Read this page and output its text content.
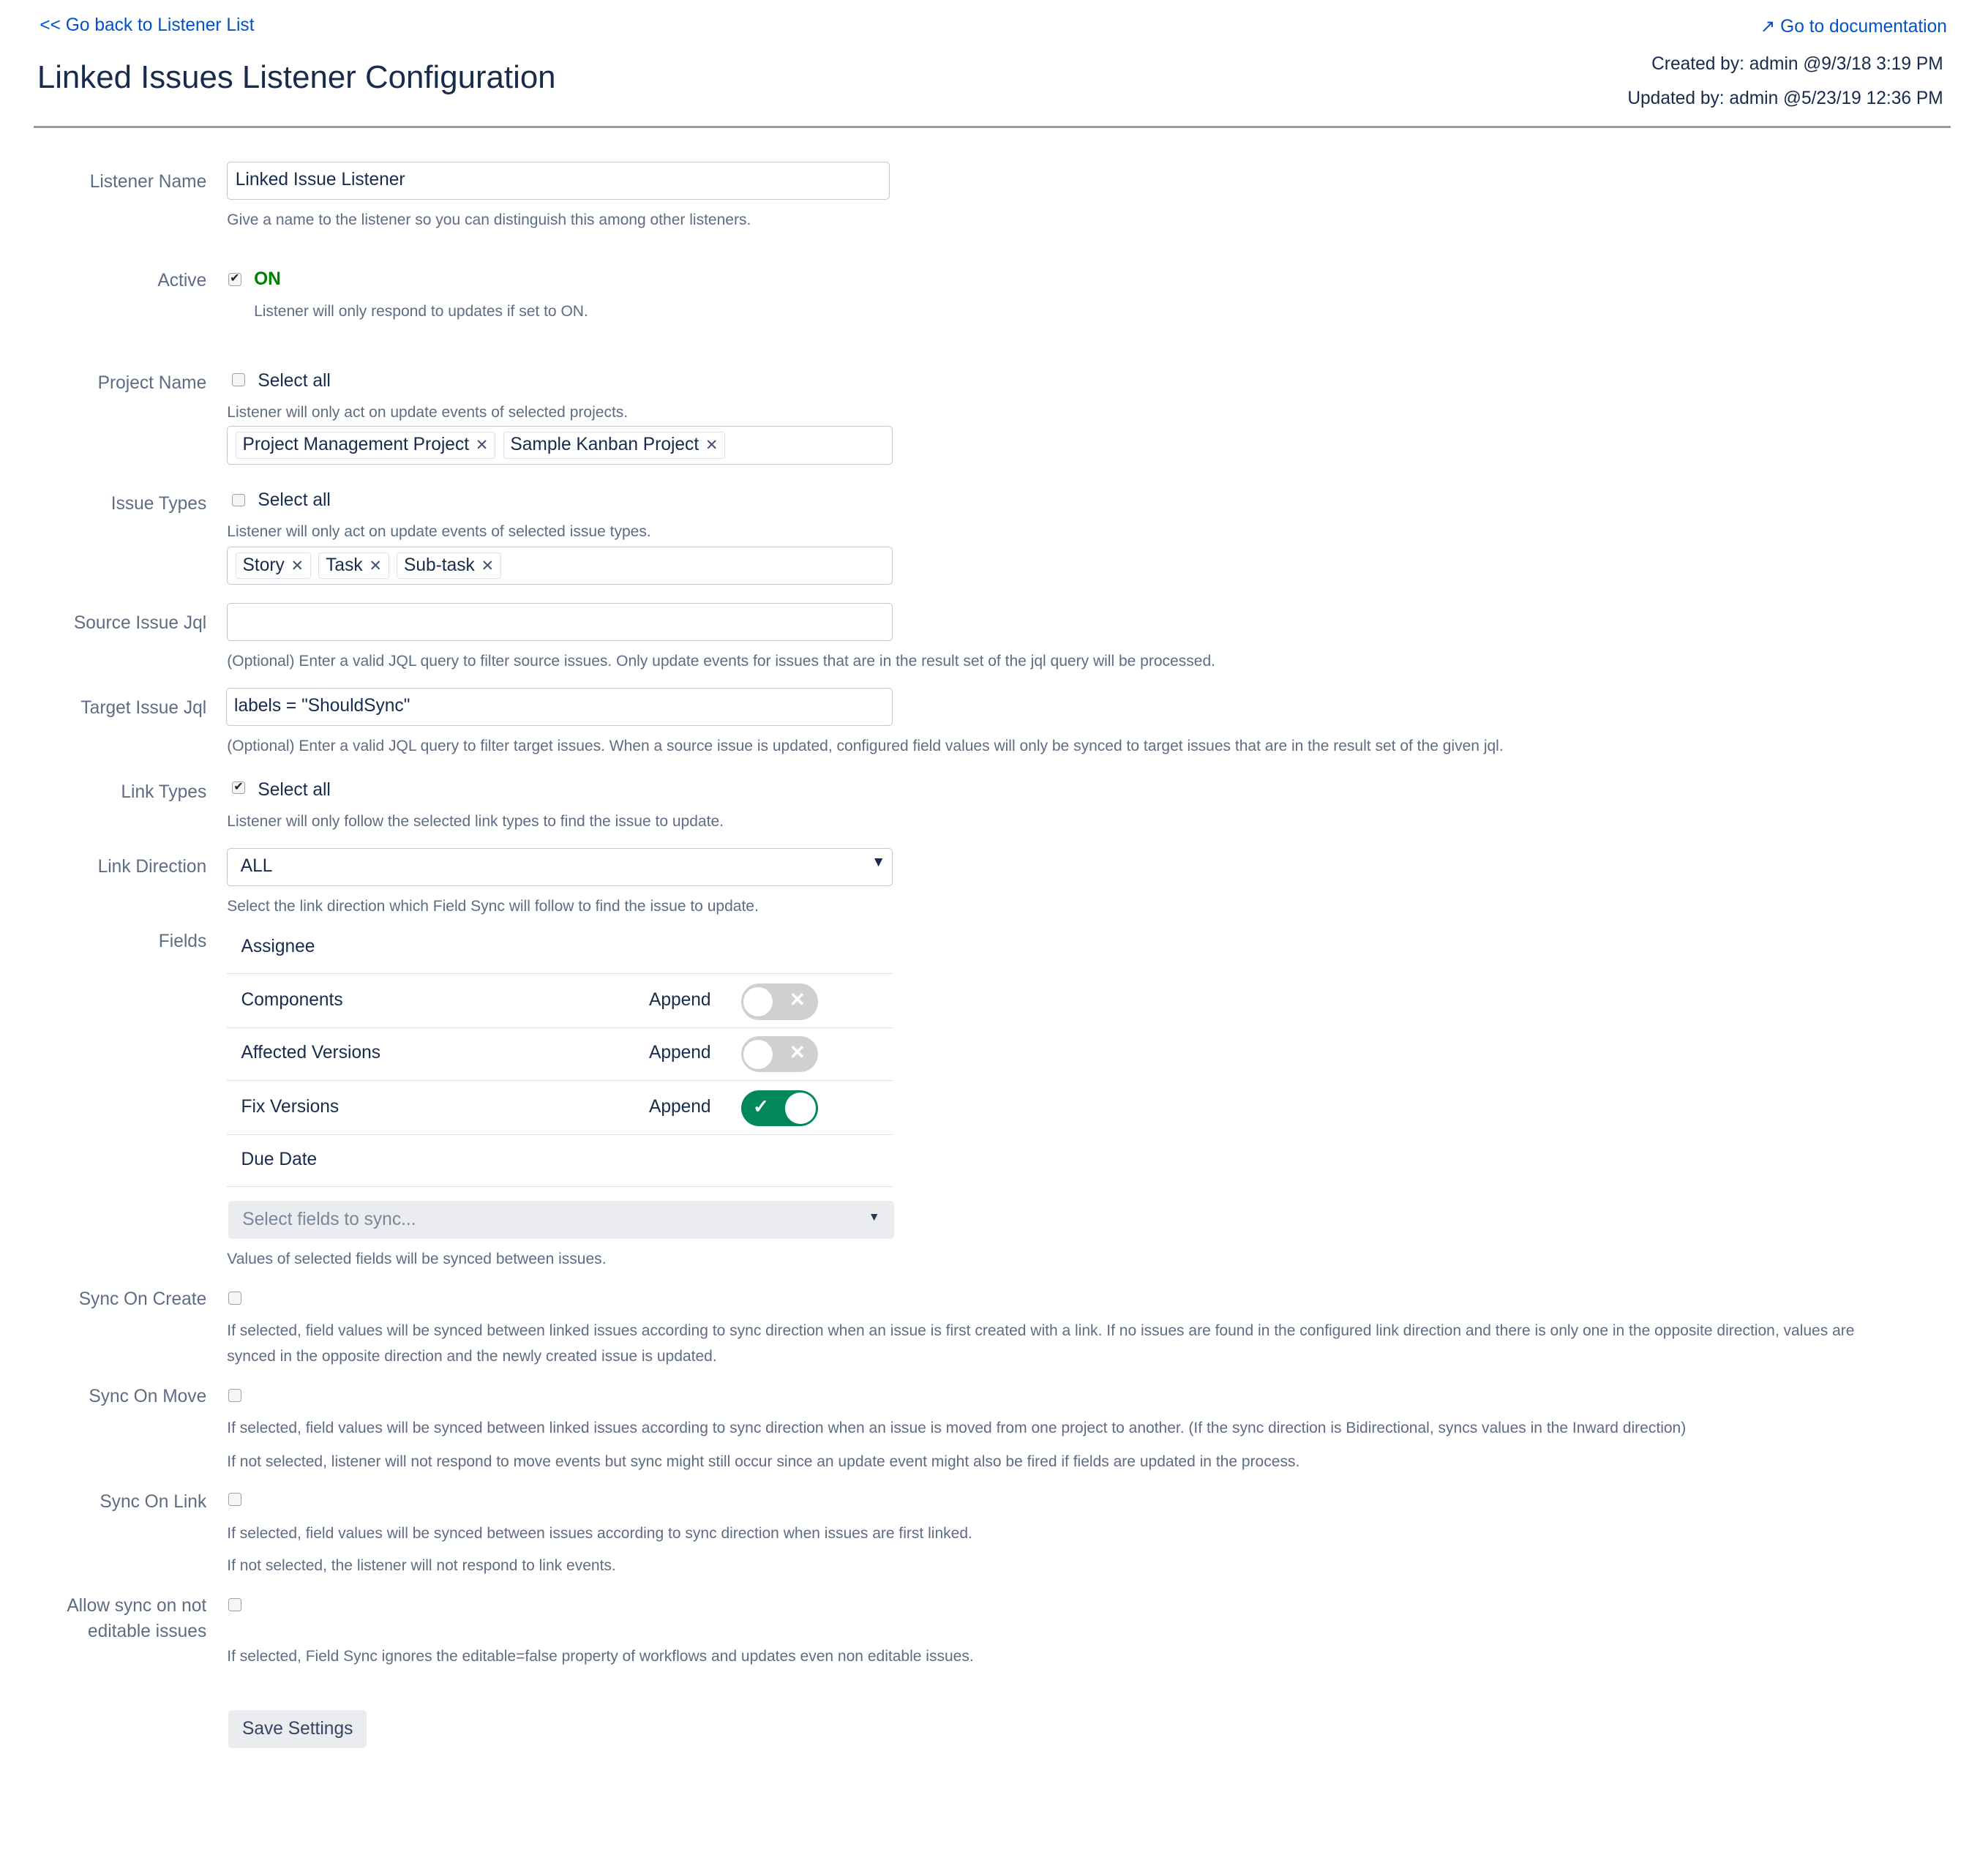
<< Go back to Listener List	↗ Go to documentation
Linked Issues Listener Configuration	Created by: admin @9/3/18 3:19 PM
Updated by: admin @5/23/19 12:36 PM
Listener Name	Linked Issue Listener
Give a name to the listener so you can distinguish this among other listeners.
Active	✔ ON
Listener will only respond to updates if set to ON.
Project Name	Select all
Listener will only act on update events of selected projects.
Project Management Project ✕ Sample Kanban Project ✕
Issue Types	Select all
Listener will only act on update events of selected issue types.
Story ✕ Task ✕ Sub-task ✕
Source Issue Jql
(Optional) Enter a valid JQL query to filter source issues. Only update events for issues that are in the result set of the jql query will be processed.
Target Issue Jql	labels = "ShouldSync"
(Optional) Enter a valid JQL query to filter target issues. When a source issue is updated, configured field values will only be synced to target issues that are in the result set of the given jql.
Link Types	✔ Select all
Listener will only follow the selected link types to find the issue to update.
Link Direction	ALL	▼
Select the link direction which Field Sync will follow to find the issue to update.
Fields	Assignee
Components	Append	✕
Affected Versions	Append	✕
Fix Versions	Append	✓
Due Date
Select fields to sync...	▼
Values of selected fields will be synced between issues.
Sync On Create
If selected, field values will be synced between linked issues according to sync direction when an issue is first created with a link. If no issues are found in the configured link direction and there is only one in the opposite direction, values are
synced in the opposite direction and the newly created issue is updated.
Sync On Move
If selected, field values will be synced between linked issues according to sync direction when an issue is moved from one project to another. (If the sync direction is Bidirectional, syncs values in the Inward direction)
If not selected, listener will not respond to move events but sync might still occur since an update event might also be fired if fields are updated in the process.
Sync On Link
If selected, field values will be synced between issues according to sync direction when issues are first linked.
If not selected, the listener will not respond to link events.
Allow sync on not
editable issues
If selected, Field Sync ignores the editable=false property of workflows and updates even non editable issues.
Save Settings
